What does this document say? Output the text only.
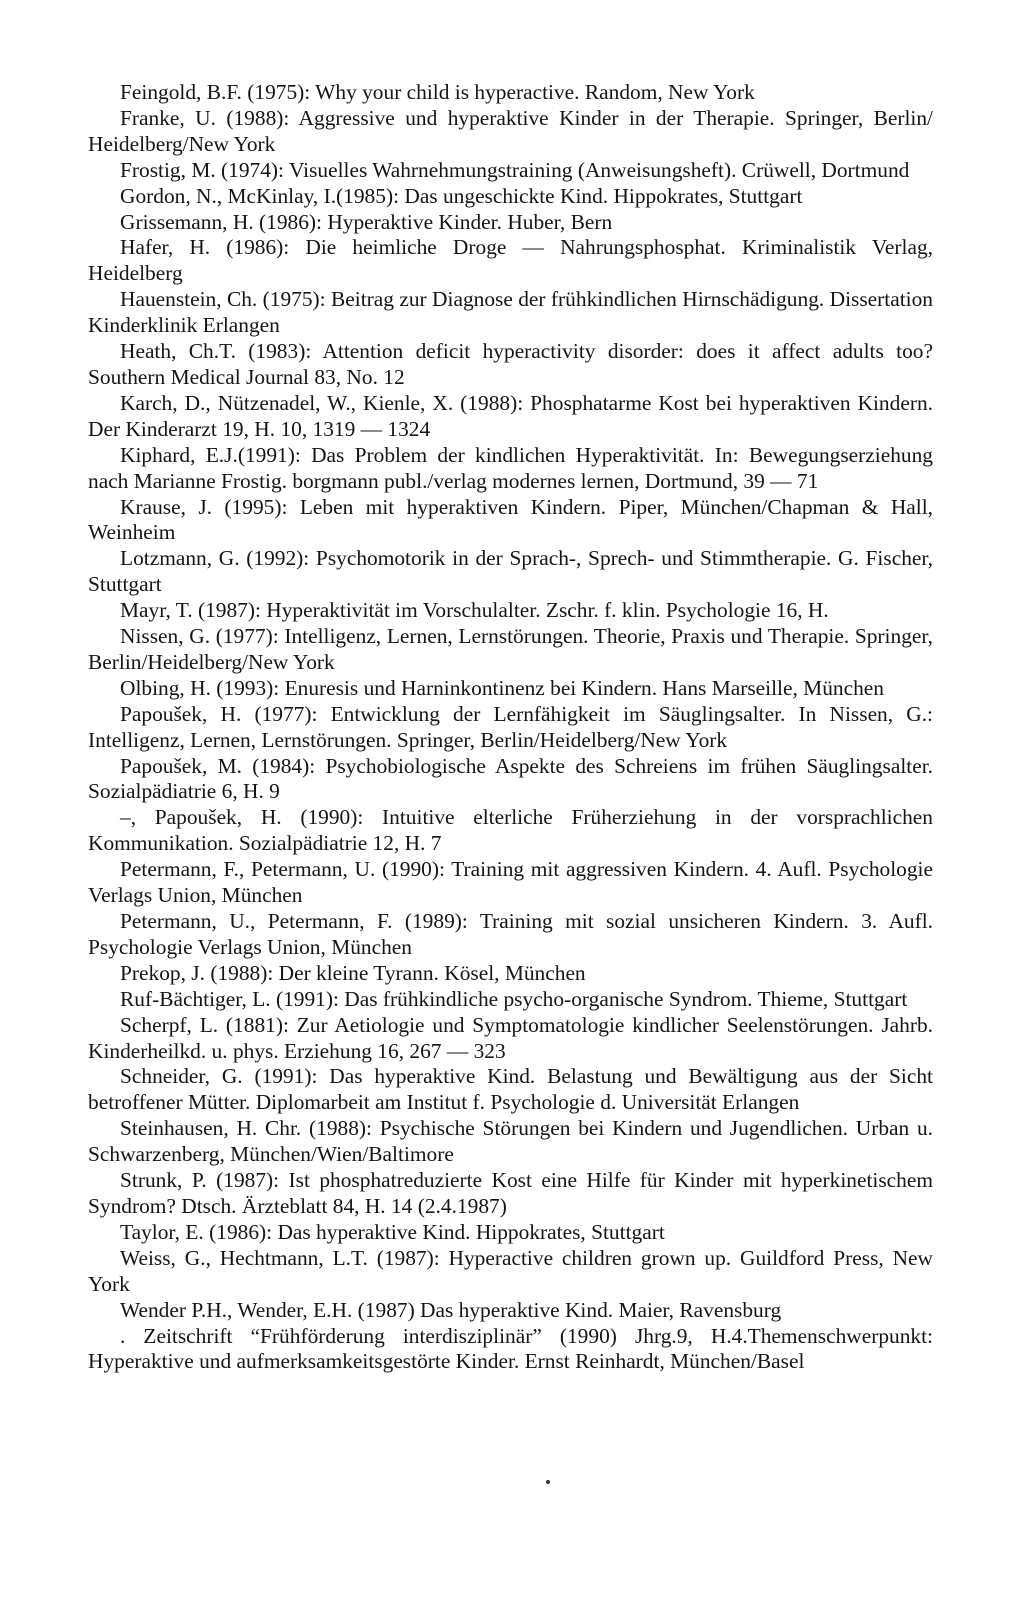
Feingold, B.F. (1975): Why your child is hyperactive. Random, New York

Franke, U. (1988): Aggressive und hyperaktive Kinder in der Therapie. Springer, Berlin/ Heidelberg/New York

Frostig, M. (1974): Visuelles Wahrnehmungstraining (Anweisungsheft). Crüwell, Dortmund

Gordon, N., McKinlay, I.(1985): Das ungeschickte Kind. Hippokrates, Stuttgart

Grissemann, H. (1986): Hyperaktive Kinder. Huber, Bern

Hafer, H. (1986): Die heimliche Droge — Nahrungsphosphat. Kriminalistik Verlag, Heidelberg

Hauenstein, Ch. (1975): Beitrag zur Diagnose der frühkindlichen Hirnschädigung. Dissertation Kinderklinik Erlangen

Heath, Ch.T. (1983): Attention deficit hyperactivity disorder: does it affect adults too? Southern Medical Journal 83, No. 12

Karch, D., Nützenadel, W., Kienle, X. (1988): Phosphatarme Kost bei hyperaktiven Kindern. Der Kinderarzt 19, H. 10, 1319 — 1324

Kiphard, E.J.(1991): Das Problem der kindlichen Hyperaktivität. In: Bewegungserziehung nach Marianne Frostig. borgmann publ./verlag modernes lernen, Dortmund, 39 — 71

Krause, J. (1995): Leben mit hyperaktiven Kindern. Piper, München/Chapman & Hall, Weinheim

Lotzmann, G. (1992): Psychomotorik in der Sprach-, Sprech- und Stimmtherapie. G. Fischer, Stuttgart

Mayr, T. (1987): Hyperaktivität im Vorschulalter. Zschr. f. klin. Psychologie 16, H.

Nissen, G. (1977): Intelligenz, Lernen, Lernstörungen. Theorie, Praxis und Therapie. Springer, Berlin/Heidelberg/New York

Olbing, H. (1993): Enuresis und Harninkontinenz bei Kindern. Hans Marseille, München

Papoušek, H. (1977): Entwicklung der Lernfähigkeit im Säuglingsalter. In Nissen, G.: Intelligenz, Lernen, Lernstörungen. Springer, Berlin/Heidelberg/New York

Papoušek, M. (1984): Psychobiologische Aspekte des Schreiens im frühen Säuglingsalter. Sozialpädiatrie 6, H. 9

–, Papoušek, H. (1990): Intuitive elterliche Früherziehung in der vorsprachlichen Kommunikation. Sozialpädiatrie 12, H. 7

Petermann, F., Petermann, U. (1990): Training mit aggressiven Kindern. 4. Aufl. Psychologie Verlags Union, München

Petermann, U., Petermann, F. (1989): Training mit sozial unsicheren Kindern. 3. Aufl. Psychologie Verlags Union, München

Prekop, J. (1988): Der kleine Tyrann. Kösel, München

Ruf-Bächtiger, L. (1991): Das frühkindliche psycho-organische Syndrom. Thieme, Stuttgart

Scherpf, L. (1881): Zur Aetiologie und Symptomatologie kindlicher Seelenstörungen. Jahrb. Kinderheilkd. u. phys. Erziehung 16, 267 — 323

Schneider, G. (1991): Das hyperaktive Kind. Belastung und Bewältigung aus der Sicht betroffener Mütter. Diplomarbeit am Institut f. Psychologie d. Universität Erlangen

Steinhausen, H. Chr. (1988): Psychische Störungen bei Kindern und Jugendlichen. Urban u. Schwarzenberg, München/Wien/Baltimore

Strunk, P. (1987): Ist phosphatreduzierte Kost eine Hilfe für Kinder mit hyperkinetischem Syndrom? Dtsch. Ärzteblatt 84, H. 14 (2.4.1987)

Taylor, E. (1986): Das hyperaktive Kind. Hippokrates, Stuttgart

Weiss, G., Hechtmann, L.T. (1987): Hyperactive children grown up. Guildford Press, New York

Wender P.H., Wender, E.H. (1987) Das hyperaktive Kind. Maier, Ravensburg

. Zeitschrift “Frühförderung interdisziplinär” (1990) Jhrg.9, H.4.Themenschwerpunkt: Hyperaktive und aufmerksamkeitsgestörte Kinder. Ernst Reinhardt, München/Basel
